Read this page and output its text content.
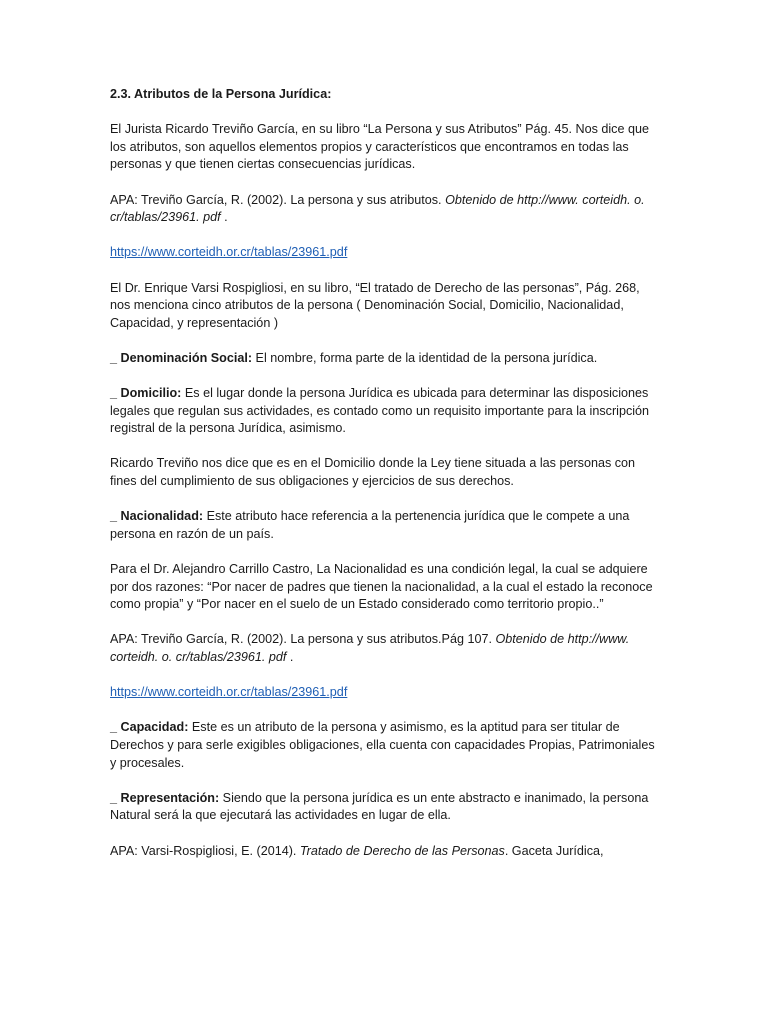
2.3. Atributos de la Persona Jurídica:

El Jurista Ricardo Treviño García, en su libro “La Persona y sus Atributos” Pág. 45. Nos dice que los atributos, son aquellos elementos propios y característicos que encontramos en todas las personas y que tienen ciertas consecuencias jurídicas.

APA: Treviño García, R. (2002). La persona y sus atributos. Obtenido de http://www. corteidh. o. cr/tablas/23961. pdf .

https://www.corteidh.or.cr/tablas/23961.pdf

El Dr. Enrique Varsi Rospigliosi, en su libro, “El tratado de Derecho de las personas”, Pág. 268, nos menciona cinco atributos de la persona ( Denominación Social, Domicilio, Nacionalidad, Capacidad, y representación )

_ Denominación Social: El nombre, forma parte de la identidad de la persona jurídica.

_ Domicilio: Es el lugar donde la persona Jurídica es ubicada para determinar las disposiciones legales que regulan sus actividades, es contado como un requisito importante para la inscripción registral de la persona Jurídica, asimismo.

Ricardo Treviño nos dice que es en el Domicilio donde la Ley tiene situada a las personas con fines del cumplimiento de sus obligaciones y ejercicios de sus derechos.

_ Nacionalidad: Este atributo hace referencia a la pertenencia jurídica que le compete a una persona en razón de un país.

Para el Dr. Alejandro Carrillo Castro, La Nacionalidad es una condición legal, la cual se adquiere por dos razones: “Por nacer de padres que tienen la nacionalidad, a la cual el estado la reconoce como propia” y “Por nacer en el suelo de un Estado considerado como territorio propio..”

APA: Treviño García, R. (2002). La persona y sus atributos.Pág 107. Obtenido de http://www. corteidh. o. cr/tablas/23961. pdf .

https://www.corteidh.or.cr/tablas/23961.pdf

_ Capacidad: Este es un atributo de la persona y asimismo, es la aptitud para ser titular de Derechos y para serle exigibles obligaciones, ella cuenta con capacidades Propias, Patrimoniales y procesales.

_ Representación: Siendo que la persona jurídica es un ente abstracto e inanimado, la persona Natural será la que ejecutará las actividades en lugar de ella.

APA: Varsi-Rospigliosi, E. (2014). Tratado de Derecho de las Personas. Gaceta Jurídica,
